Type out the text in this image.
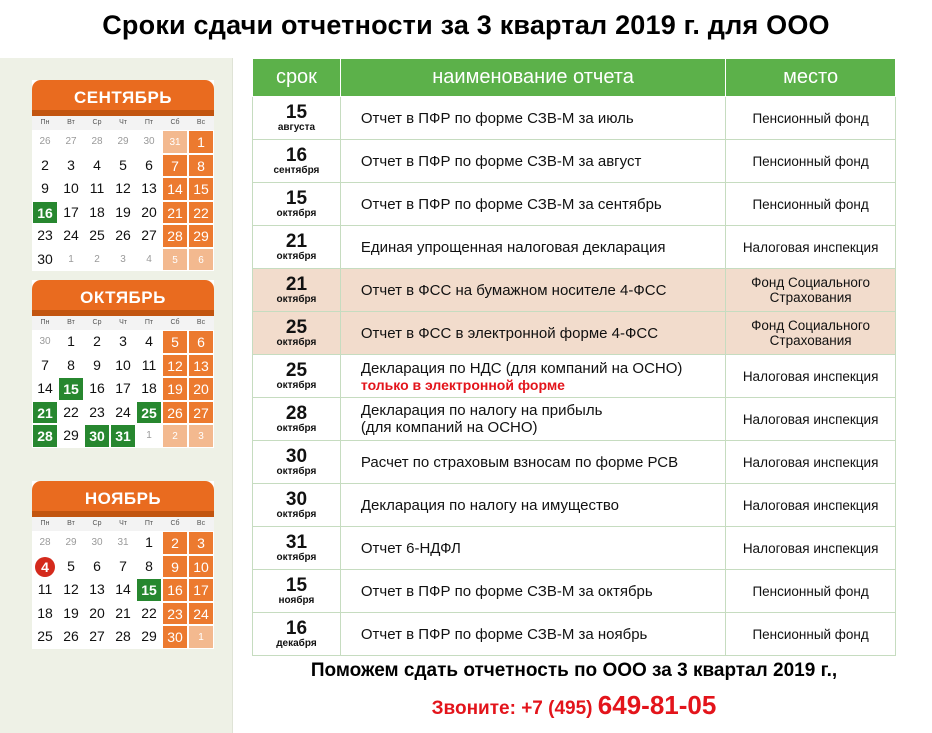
Сроки сдачи отчетности за 3 квартал 2019 г. для ООО
СЕНТЯБРЬ
Пн	Вт	Ср	Чт	Пт	Сб	Вс
26	27	28	29	30	31	1
2	3	4	5	6	7	8
9	10 11 12 13 14 15
16 17 18 19 20 21 22
23 24 25 26 27 28 29
30	1	2	3	4	5	6
ОКТЯБРЬ
Пн	Вт	Ср	Чт	Пт	Сб	Вс
30	1	2	3	4	5	6
7	8	9	10 11 12 13
14 15 16 17 18 19 20
21 22 23 24 25 26 27
28 29 30 31	1	2	3
НОЯБРЬ
Пн	Вт	Ср	Чт	Пт	Сб	Вс
28	29	30	31	1	2	3
4	5	6	7	8	9	10
11 12 13 14 15 16 17
18 19 20 21 22 23 24
25 26 27 28 29 30	1
срок	наименование отчета	место

15
августа	Отчет в ПФР по форме СЗВ-М за июль	Пенсионный фонд

16
сентября	Отчет в ПФР по форме СЗВ-М за август	Пенсионный фонд

15
октября	Отчет в ПФР по форме СЗВ-М за сентябрь	Пенсионный фонд

21
октября	Единая упрощенная налоговая декларация	Налоговая инспекция

21
октября	Отчет в ФСС на бумажном носителе 4-ФСС	Фонд Социального Страхования

25
октября	Отчет в ФСС в электронной форме 4-ФСС	Фонд Социального Страхования

25
октября	Декларация по НДС (для компаний на ОСНО)
только в электронной форме	Налоговая инспекция

28
октября	Декларация по налогу на прибыль
(для компаний на ОСНО)	Налоговая инспекция

30
октября	Расчет по страховым взносам по форме РСВ	Налоговая инспекция

30
октября	Декларация по налогу на имущество	Налоговая инспекция

31
октября	Отчет 6-НДФЛ	Налоговая инспекция

15
ноября	Отчет в ПФР по форме СЗВ-М за октябрь	Пенсионный фонд

16
декабря	Отчет в ПФР по форме СЗВ-М за ноябрь	Пенсионный фонд
Поможем сдать отчетность по ООО за 3 квартал 2019 г.,
Звоните: +7 (495) 649-81-05
